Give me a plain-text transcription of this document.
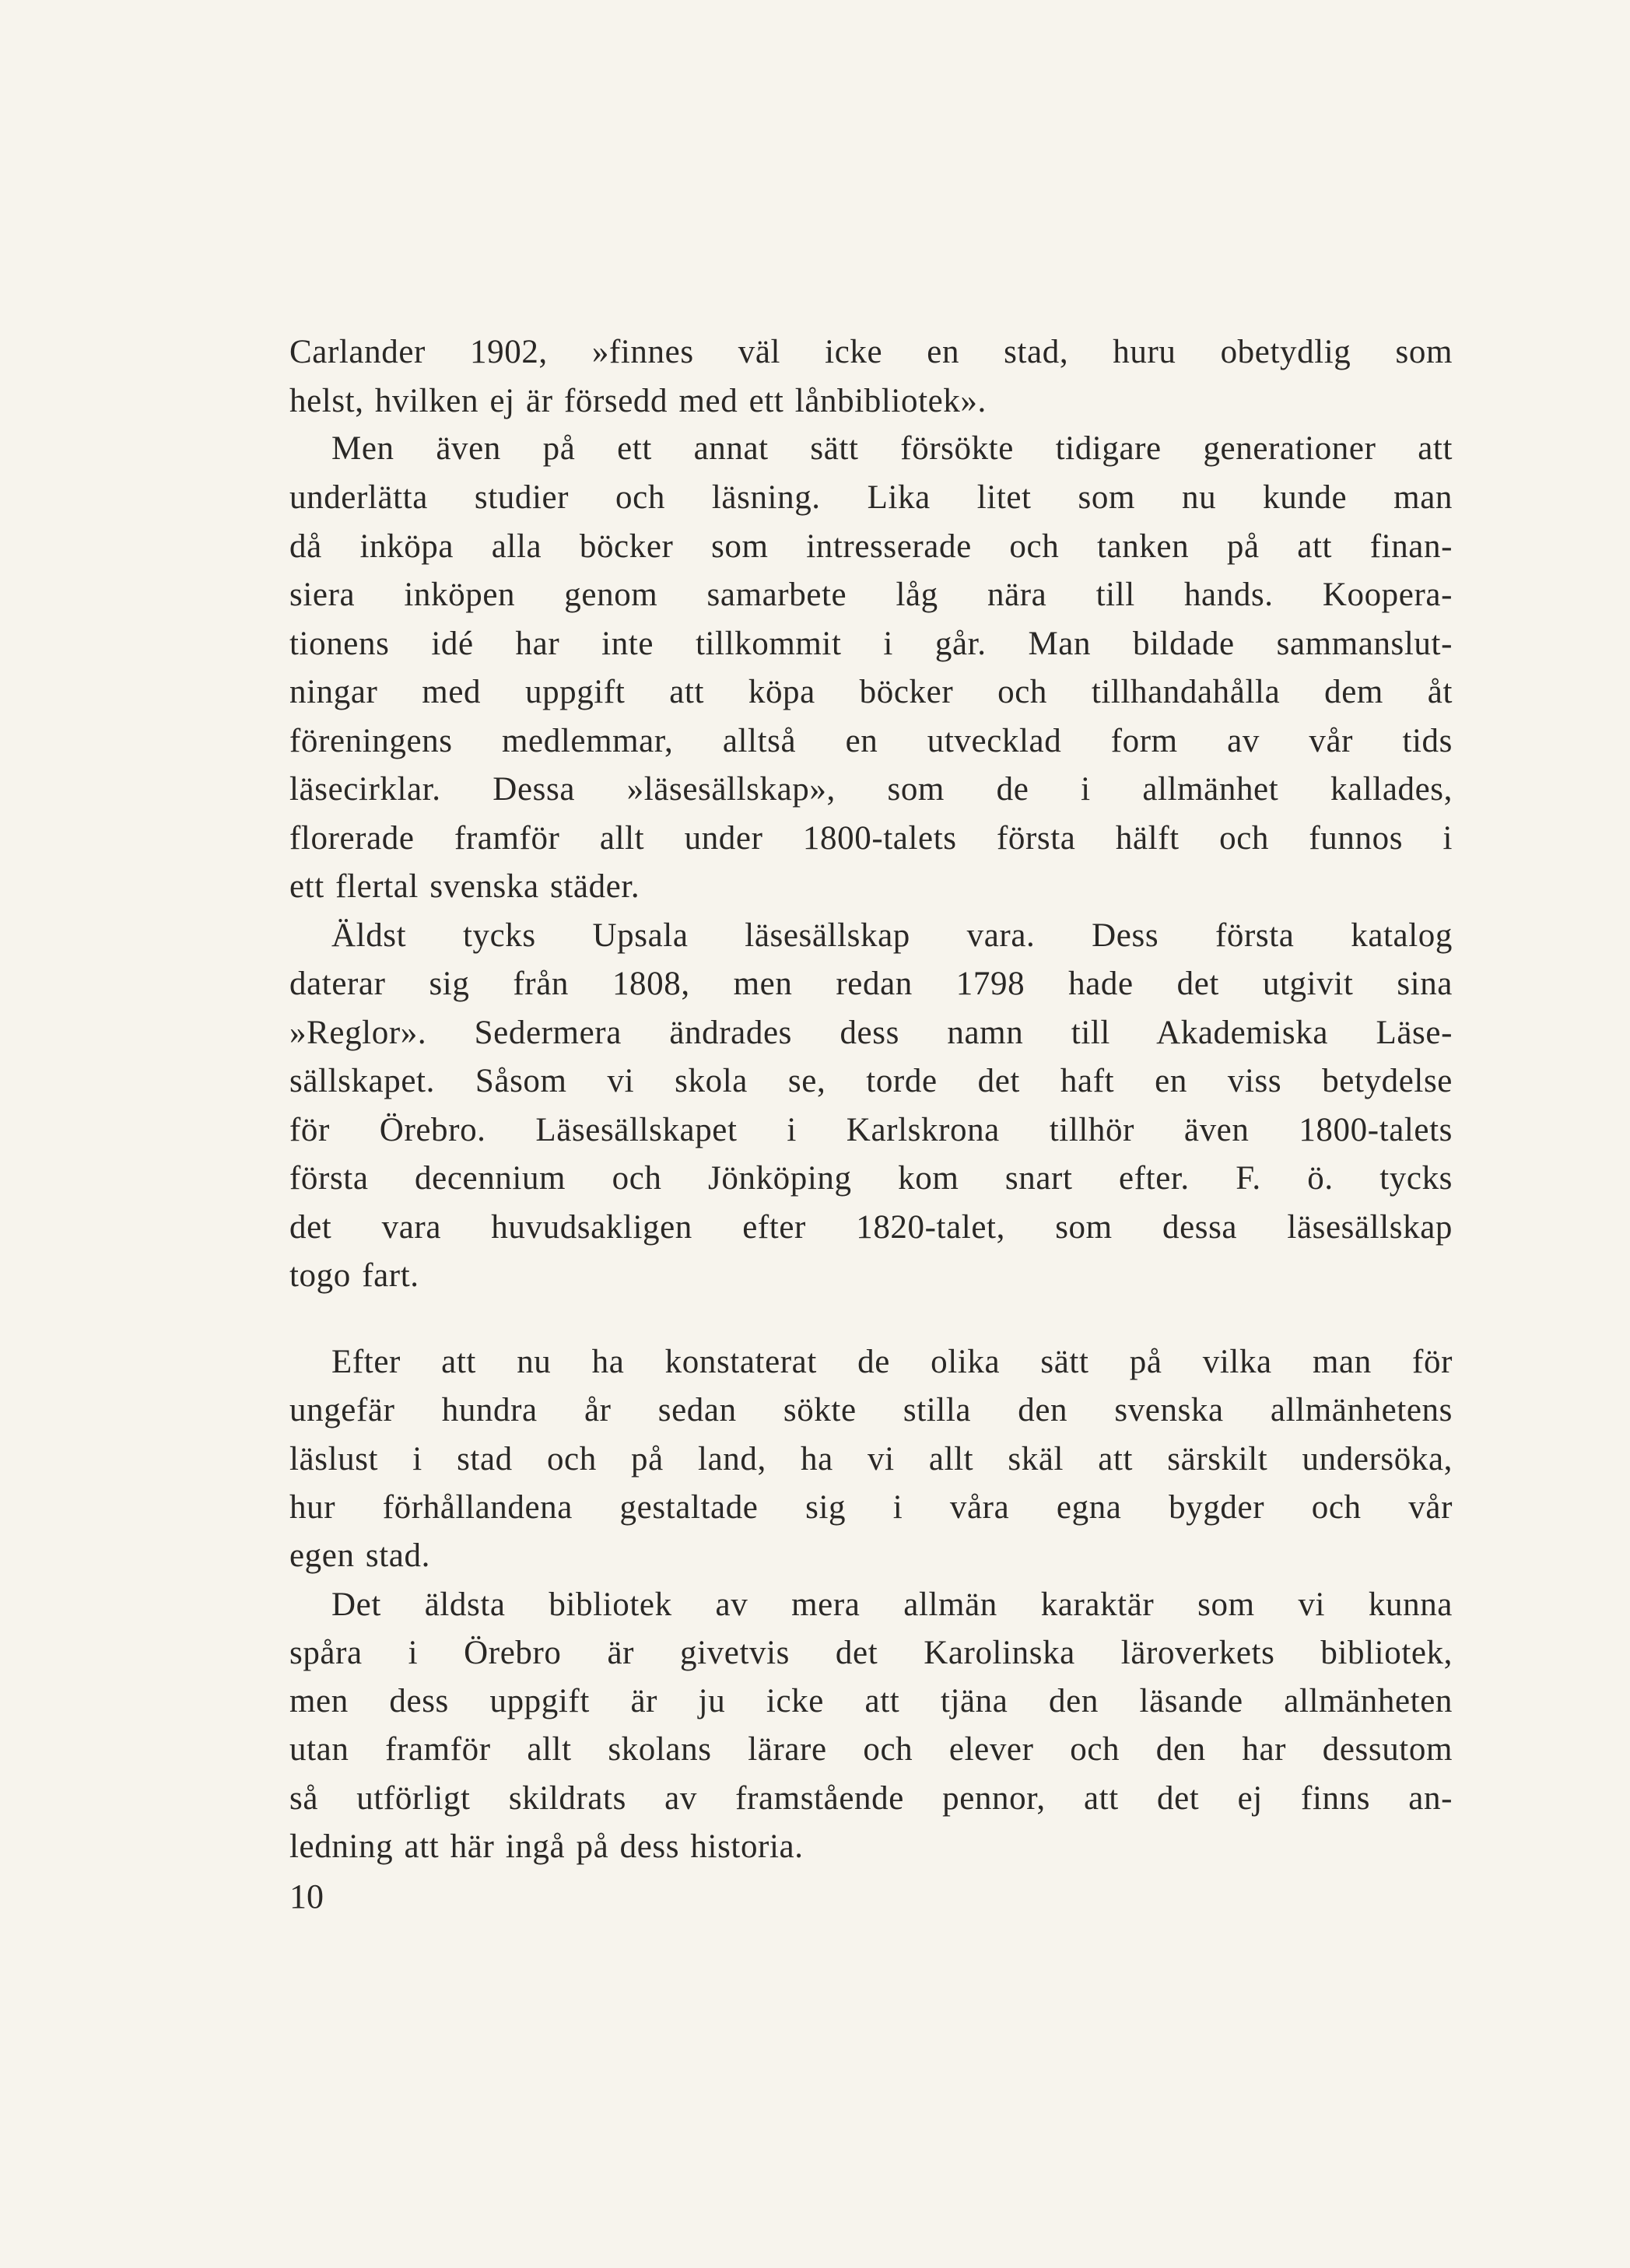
Carlander 1902, »finnes väl icke en stad, huru obetydlig som
helst, hvilken ej är försedd med ett lånbibliotek».
Men även på ett annat sätt försökte tidigare generationer att
underlätta studier och läsning. Lika litet som nu kunde man
då inköpa alla böcker som intresserade och tanken på att finan-
siera inköpen genom samarbete låg nära till hands. Koopera-
tionens idé har inte tillkommit i går. Man bildade sammanslut-
ningar med uppgift att köpa böcker och tillhandahålla dem åt
föreningens medlemmar, alltså en utvecklad form av vår tids
läsecirklar. Dessa »läsesällskap», som de i allmänhet kallades,
florerade framför allt under 1800-talets första hälft och funnos i
ett flertal svenska städer.
Äldst tycks Upsala läsesällskap vara. Dess första katalog
daterar sig från 1808, men redan 1798 hade det utgivit sina
»Reglor». Sedermera ändrades dess namn till Akademiska Läse-
sällskapet. Såsom vi skola se, torde det haft en viss betydelse
för Örebro. Läsesällskapet i Karlskrona tillhör även 1800-talets
första decennium och Jönköping kom snart efter. F. ö. tycks
det vara huvudsakligen efter 1820-talet, som dessa läsesällskap
togo fart.
Efter att nu ha konstaterat de olika sätt på vilka man för
ungefär hundra år sedan sökte stilla den svenska allmänhetens
läslust i stad och på land, ha vi allt skäl att särskilt undersöka,
hur förhållandena gestaltade sig i våra egna bygder och vår
egen stad.
Det äldsta bibliotek av mera allmän karaktär som vi kunna
spåra i Örebro är givetvis det Karolinska läroverkets bibliotek,
men dess uppgift är ju icke att tjäna den läsande allmänheten
utan framför allt skolans lärare och elever och den har dessutom
så utförligt skildrats av framstående pennor, att det ej finns an-
ledning att här ingå på dess historia.
10
